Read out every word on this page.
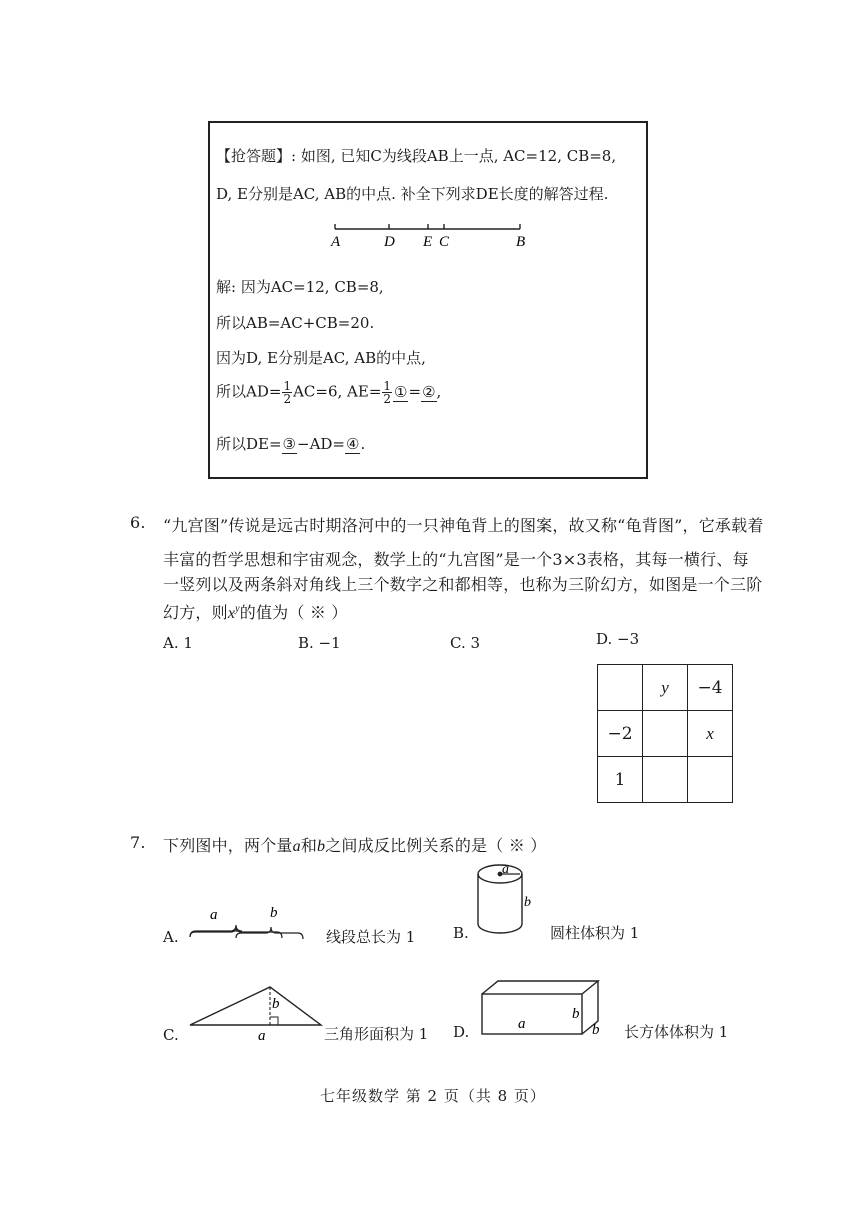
【抢答题】: 如图, 已知C为线段AB上一点, AC=12, CB=8,
D, E分别是AC, AB的中点. 补全下列求DE长度的解答过程.
A	D E C	B
解: 因为AC=12, CB=8,
所以AB=AC+CB=20.
因为D, E分别是AC, AB的中点,
所以$AD= \frac{1}{2} AC=6$, $AE= \frac{1}{2}$ ①=②,
所以DE=③−AD=④.
6. “九宫图”传说是远古时期洛河中的一只神龟背上的图案，故又称“龟背图”，它承载着
丰富的哲学思想和宇宙观念，数学上的“九宫图”是一个3×3表格，其每一横行、每
一竖列以及两条斜对角线上三个数字之和都相等，也称为三阶幻方，如图是一个三阶
幻方，则$x^y$的值为（ ※ ）
A. 1	B. −1	C. 3	D. −3
	y	−4
−2		x
1		
7. 下列图中，两个量a和b之间成反比例关系的是（ ※ ）
A.
a	b
线段总长为 1	B.
a
b
圆柱体积为 1
C.
b
a	三角形面积为 1 D.	a
b
b 长方体体积为 1
七年级数学 第 2 页（共 8 页）
